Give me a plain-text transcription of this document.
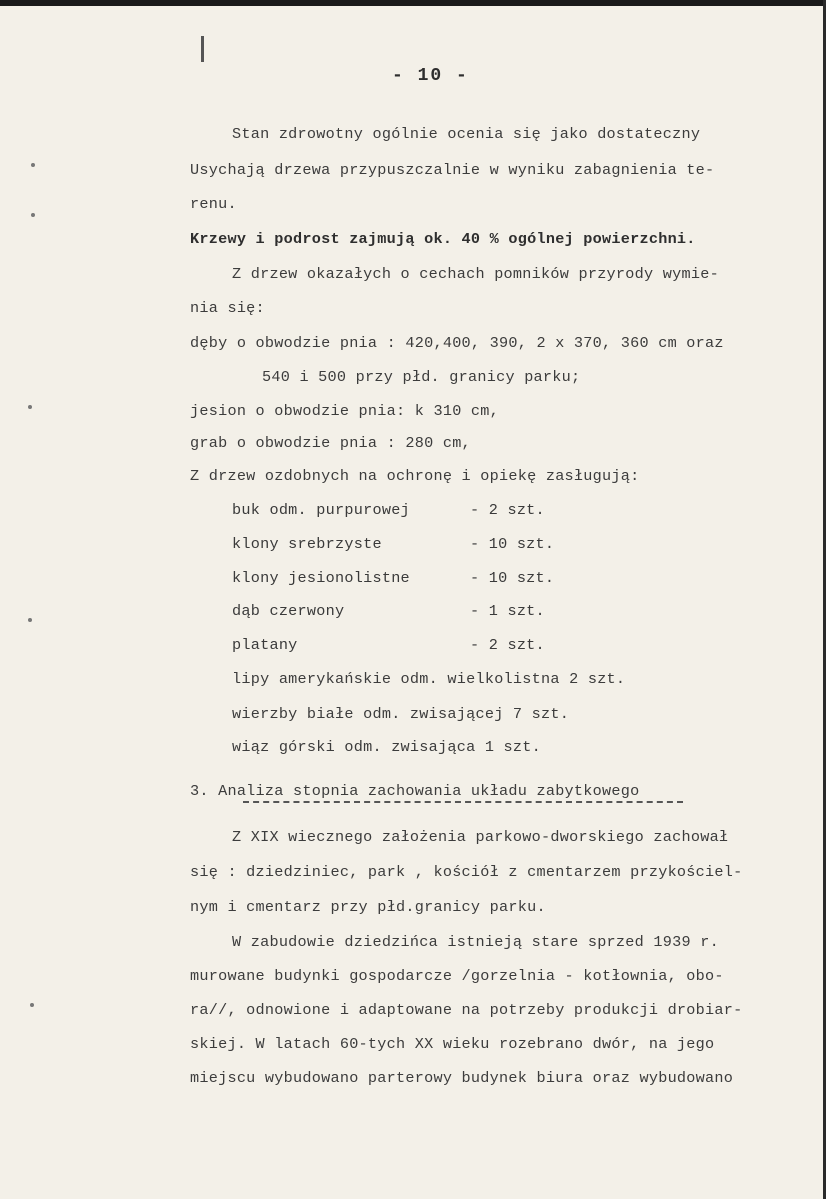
- 10 -
Stan zdrowotny ogólnie ocenia się jako dostateczny
Usychają drzewa przypuszczalnie w wyniku zabagnienia te-
renu.
Krzewy i podrost zajmują ok. 40 % ogólnej powierzchni.
Z drzew okazałych o cechach pomników przyrody wymie-
nia się:
dęby o obwodzie pnia : 420,400, 390, 2 x 370, 360 cm oraz
540 i 500 przy płd. granicy parku;
jesion o obwodzie pnia: k 310 cm,
grab o obwodzie pnia : 280 cm,
Z drzew ozdobnych na ochronę i opiekę zasługują:
buk odm. purpurowej	- 2 szt.
klony srebrzyste	- 10 szt.
klony jesionolistne	- 10 szt.
dąb czerwony	- 1 szt.
platany	- 2 szt.
lipy amerykańskie odm. wielkolistna 2 szt.
wierzby białe odm. zwisającej 7 szt.
wiąz górski odm. zwisająca 1 szt.
3. Analiza stopnia zachowania układu zabytkowego
Z XIX wiecznego założenia parkowo-dworskiego zachował
się : dziedziniec, park , kościół z cmentarzem przykościel-
nym i cmentarz przy płd.granicy parku.
W zabudowie dziedzińca istnieją stare sprzed 1939 r.
murowane budynki gospodarcze /gorzelnia - kotłownia, obo-
ra//, odnowione i adaptowane na potrzeby produkcji drobiar-
skiej. W latach 60-tych XX wieku rozebrano dwór, na jego
miejscu wybudowano parterowy budynek biura oraz wybudowano
